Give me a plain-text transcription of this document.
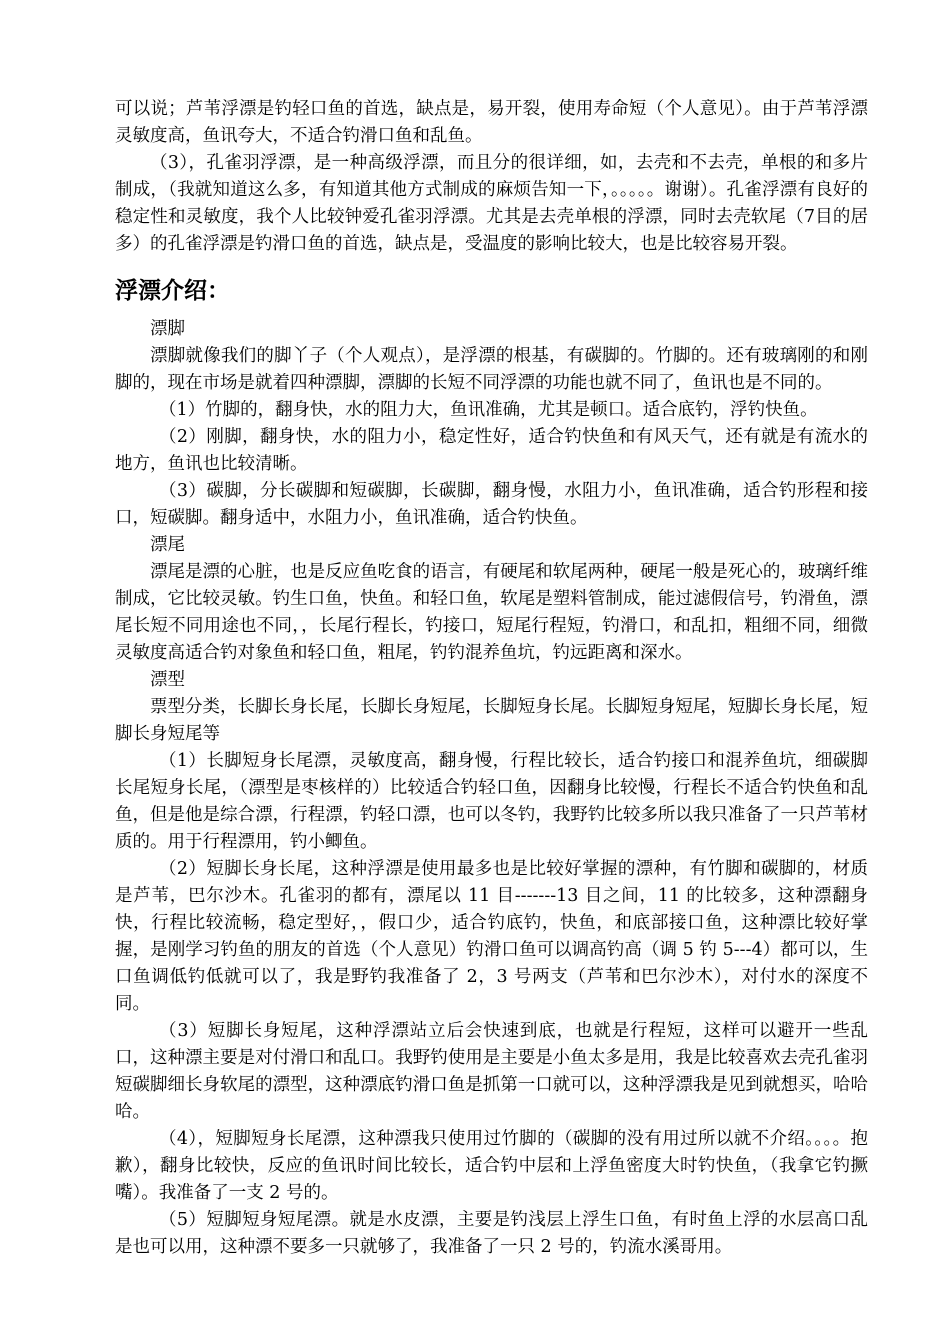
可以说；芦苇浮漂是钓轻口鱼的首选，缺点是，易开裂，使用寿命短（个人意见）。由于芦苇浮漂灵敏度高，鱼讯夸大，不适合钓滑口鱼和乱鱼。

（3），孔雀羽浮漂，是一种高级浮漂，而且分的很详细，如，去壳和不去壳，单根的和多片制成，（我就知道这么多，有知道其他方式制成的麻烦告知一下，。。。。。谢谢）。孔雀浮漂有良好的稳定性和灵敏度，我个人比较钟爱孔雀羽浮漂。尤其是去壳单根的浮漂，同时去壳软尾（7目的居多）的孔雀浮漂是钓滑口鱼的首选，缺点是，受温度的影响比较大，也是比较容易开裂。

浮漂介绍：

漂脚

漂脚就像我们的脚丫子（个人观点），是浮漂的根基，有碳脚的。竹脚的。还有玻璃刚的和刚脚的，现在市场是就着四种漂脚，漂脚的长短不同浮漂的功能也就不同了，鱼讯也是不同的。

（1）竹脚的，翻身快，水的阻力大，鱼讯准确，尤其是顿口。适合底钓，浮钓快鱼。

（2）刚脚，翻身快，水的阻力小，稳定性好，适合钓快鱼和有风天气，还有就是有流水的地方，鱼讯也比较清晰。

（3）碳脚，分长碳脚和短碳脚，长碳脚，翻身慢，水阻力小，鱼讯准确，适合钓形程和接口，短碳脚。翻身适中，水阻力小，鱼讯准确，适合钓快鱼。

漂尾

漂尾是漂的心脏，也是反应鱼吃食的语言，有硬尾和软尾两种，硬尾一般是死心的，玻璃纤维制成，它比较灵敏。钓生口鱼，快鱼。和轻口鱼，软尾是塑料管制成，能过滤假信号，钓滑鱼，漂尾长短不同用途也不同，，长尾行程长，钓接口，短尾行程短，钓滑口，和乱扣，粗细不同，细微灵敏度高适合钓对象鱼和轻口鱼，粗尾，钓钓混养鱼坑，钓远距离和深水。

漂型

票型分类，长脚长身长尾，长脚长身短尾，长脚短身长尾。长脚短身短尾，短脚长身长尾，短脚长身短尾等

（1）长脚短身长尾漂，灵敏度高，翻身慢，行程比较长，适合钓接口和混养鱼坑，细碳脚长尾短身长尾，（漂型是枣核样的）比较适合钓轻口鱼，因翻身比较慢，行程长不适合钓快鱼和乱鱼，但是他是综合漂，行程漂，钓轻口漂，也可以冬钓，我野钓比较多所以我只准备了一只芦苇材质的。用于行程漂用，钓小鲫鱼。

（2）短脚长身长尾，这种浮漂是使用最多也是比较好掌握的漂种，有竹脚和碳脚的，材质是芦苇，巴尔沙木。孔雀羽的都有，漂尾以 11 目-------13 目之间，11 的比较多，这种漂翻身快，行程比较流畅，稳定型好，，假口少，适合钓底钓，快鱼，和底部接口鱼，这种漂比较好掌握，是刚学习钓鱼的朋友的首选（个人意见）钓滑口鱼可以调高钓高（调 5 钓 5---4）都可以，生口鱼调低钓低就可以了，我是野钓我准备了 2，3 号两支（芦苇和巴尔沙木），对付水的深度不同。

（3）短脚长身短尾，这种浮漂站立后会快速到底，也就是行程短，这样可以避开一些乱口，这种漂主要是对付滑口和乱口。我野钓使用是主要是小鱼太多是用，我是比较喜欢去壳孔雀羽短碳脚细长身软尾的漂型，这种漂底钓滑口鱼是抓第一口就可以，这种浮漂我是见到就想买，哈哈哈。

（4），短脚短身长尾漂，这种漂我只使用过竹脚的（碳脚的没有用过所以就不介绍。。。。抱歉），翻身比较快，反应的鱼讯时间比较长，适合钓中层和上浮鱼密度大时钓快鱼，（我拿它钓撅嘴）。我准备了一支 2 号的。

（5）短脚短身短尾漂。就是水皮漂，主要是钓浅层上浮生口鱼，有时鱼上浮的水层高口乱是也可以用，这种漂不要多一只就够了，我准备了一只 2 号的，钓流水溪哥用。
